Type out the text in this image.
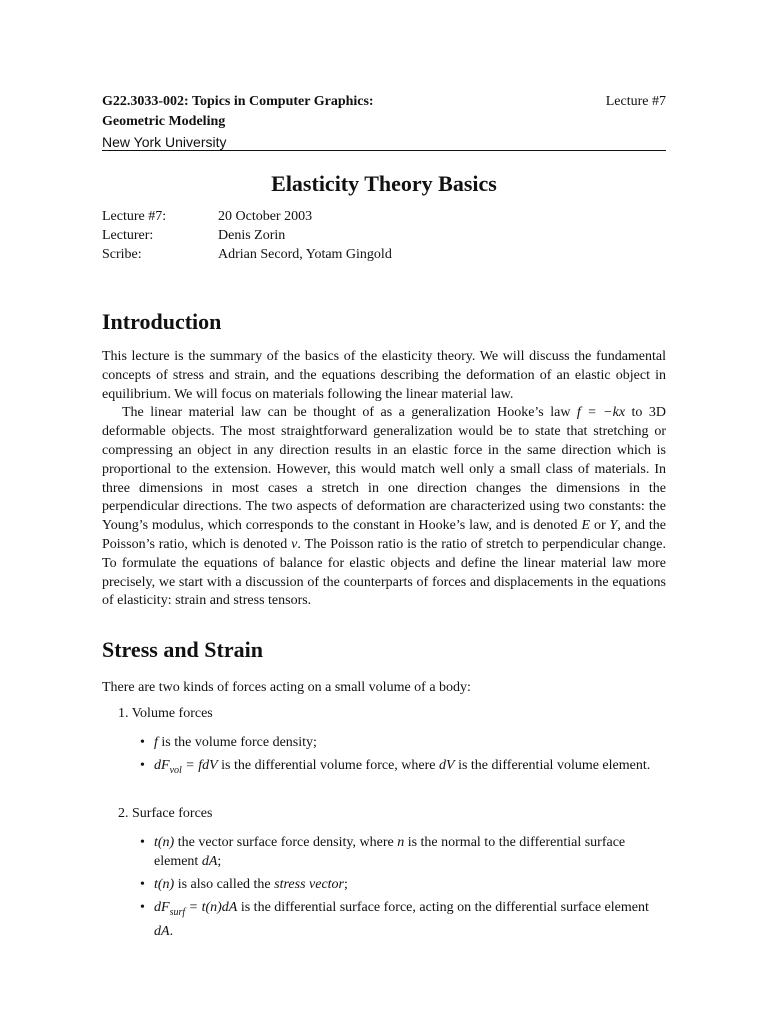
G22.3033-002: Topics in Computer Graphics:
Geometric Modeling
New York University
Lecture #7
Elasticity Theory Basics
Lecture #7:	20 October 2003
Lecturer:	Denis Zorin
Scribe:	Adrian Secord, Yotam Gingold
Introduction
This lecture is the summary of the basics of the elasticity theory. We will discuss the fundamental concepts of stress and strain, and the equations describing the deformation of an elastic object in equilibrium. We will focus on materials following the linear material law.
The linear material law can be thought of as a generalization Hooke’s law f = −kx to 3D deformable objects. The most straightforward generalization would be to state that stretching or compressing an object in any direction results in an elastic force in the same direction which is proportional to the extension. However, this would match well only a small class of materials. In three dimensions in most cases a stretch in one direction changes the dimensions in the perpendicular directions. The two aspects of deformation are characterized using two constants: the Young’s modulus, which corresponds to the constant in Hooke’s law, and is denoted E or Y, and the Poisson’s ratio, which is denoted ν. The Poisson ratio is the ratio of stretch to perpendicular change. To formulate the equations of balance for elastic objects and define the linear material law more precisely, we start with a discussion of the counterparts of forces and displacements in the equations of elasticity: strain and stress tensors.
Stress and Strain
There are two kinds of forces acting on a small volume of a body:
1. Volume forces
• f is the volume force density;
• $dF_{vol}$ = fdV is the differential volume force, where dV is the differential volume element.
2. Surface forces
• t(n) the vector surface force density, where n is the normal to the differential surface element dA;
• t(n) is also called the stress vector;
• $dF_{surf} = t(n)dA$ is the differential surface force, acting on the differential surface element dA.
